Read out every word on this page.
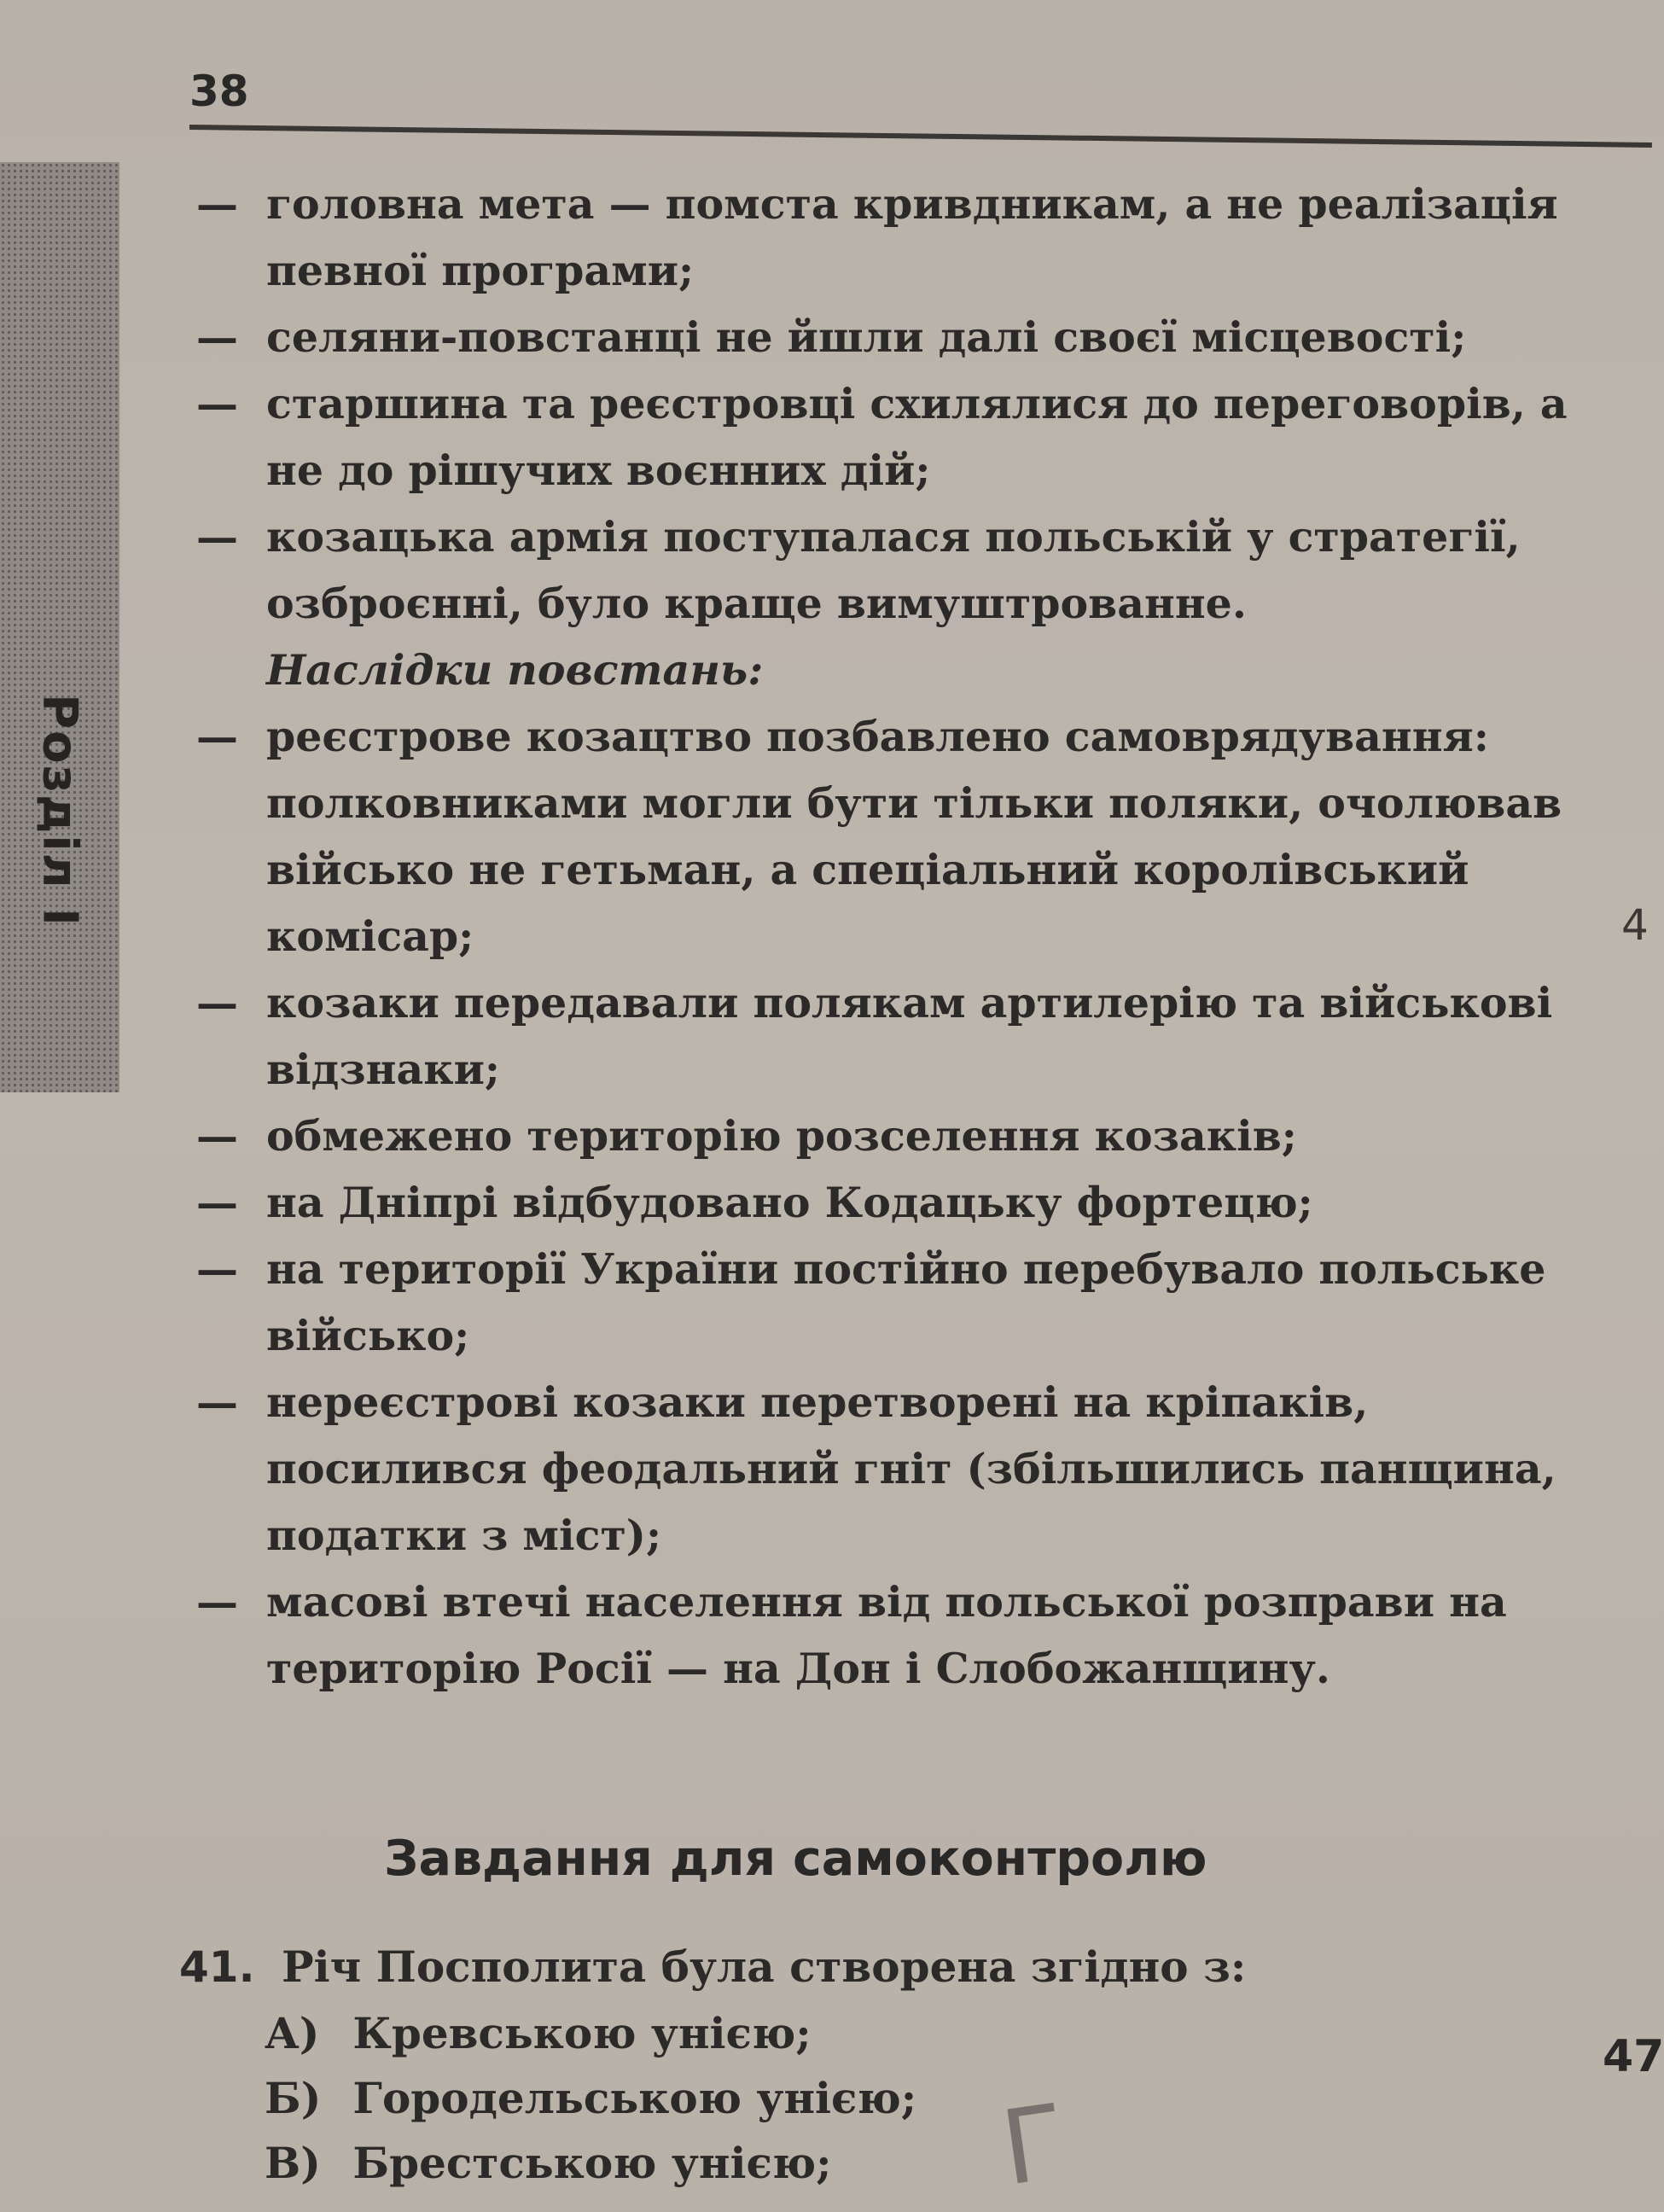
38
Розділ І	4
— головна мета — помста кривдникам, а не реалізація певної програми;
— селяни-повстанці не йшли далі своєї місцевості;
— старшина та реєстровці схилялися до переговорів, а не до рішучих воєнних дій;
— козацька армія поступалася польській у стратегії, озброєнні, було краще вимуштрованне.
Наслідки повстань:
— реєстрове козацтво позбавлено самоврядування: полковниками могли бути тільки поляки, очолював військо не гетьман, а спеціальний королівський комісар;
— козаки передавали полякам артилерію та військові відзнаки;
— обмежено територію розселення козаків;
— на Дніпрі відбудовано Кодацьку фортецю;
— на території України постійно перебувало польське військо;
— нереєстрові козаки перетворені на кріпаків, посилився феодальний гніт (збільшились панщина, податки з міст);
— масові втечі населення від польської розправи на територію Росії — на Дон і Слобожанщину.
Завдання для самоконтролю
41. Річ Посполита була створена згідно з:
А) Кревською унією;
Б) Городельською унією;
В) Брестською унією;
47
Г
